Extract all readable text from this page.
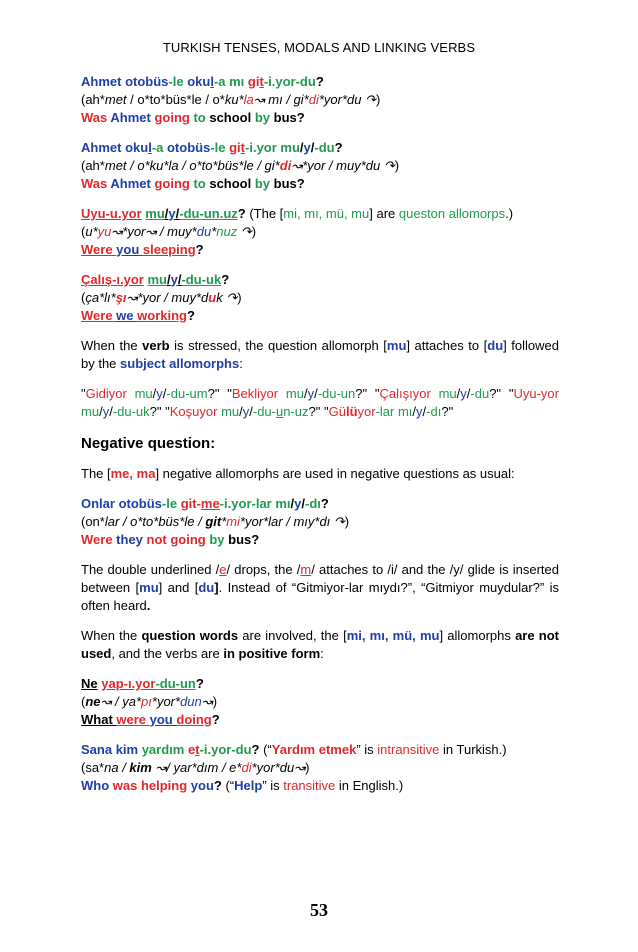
TURKISH TENSES, MODALS AND LINKING VERBS
Ahmet otobüs-le okul-a mı git-i.yor-du?
(ah*met / o*to*büs*le / o*ku*la↝ mı / gi*di*yor*du ↷)
Was Ahmet going to school by bus?
Ahmet okul-a otobüs-le git-i.yor mu/y/-du?
(ah*met / o*ku*la / o*to*büs*le / gi*di↝*yor / muy*du ↷)
Was Ahmet going to school by bus?
Uyu-u.yor mu/y/-du-un.uz? (The [mi, mı, mü, mu] are queston allomorps.)
(u*yu↝*yor↝ / muy*du*nuz ↷)
Were you sleeping?
Çalış-ı.yor mu/y/-du-uk?
(ça*lı*şı↝*yor / muy*duk ↷)
Were we working?
When the verb is stressed, the question allomorph [mu] attaches to [du] followed by the subject allomorphs:
"Gidiyor mu/y/-du-um?" "Bekliyor mu/y/-du-un?" "Çalışıyor mu/y/-du?" "Uyu-yor mu/y/-du-uk?" "Koşuyor mu/y/-du-un-uz?" "Gülüyor-lar mı/y/-dı?"
Negative question:
The [me, ma] negative allomorphs are used in negative questions as usual:
Onlar otobüs-le git-me-i.yor-lar mı/y/-dı?
(on*lar / o*to*büs*le / git*mi*yor*lar / mıy*dı ↷)
Were they not going by bus?
The double underlined /e/ drops, the /m/ attaches to /i/ and the /y/ glide is inserted between [mu] and [du]. Instead of “Gitmiyor-lar mıydı?”, “Gitmiyor muydular?” is often heard.
When the question words are involved, the [mi, mı, mü, mu] allomorphs are not used, and the verbs are in positive form:
Ne yap-ı.yor-du-un?
(ne↝ / ya*pı*yor*dun↝)
What were you doing?
Sana kim yardım et-i.yor-du? (“Yardım etmek” is intransitive in Turkish.)
(sa*na / kim ↝/ yar*dım / e*di*yor*du↝)
Who was helping you? (“Help” is transitive in English.)
53
